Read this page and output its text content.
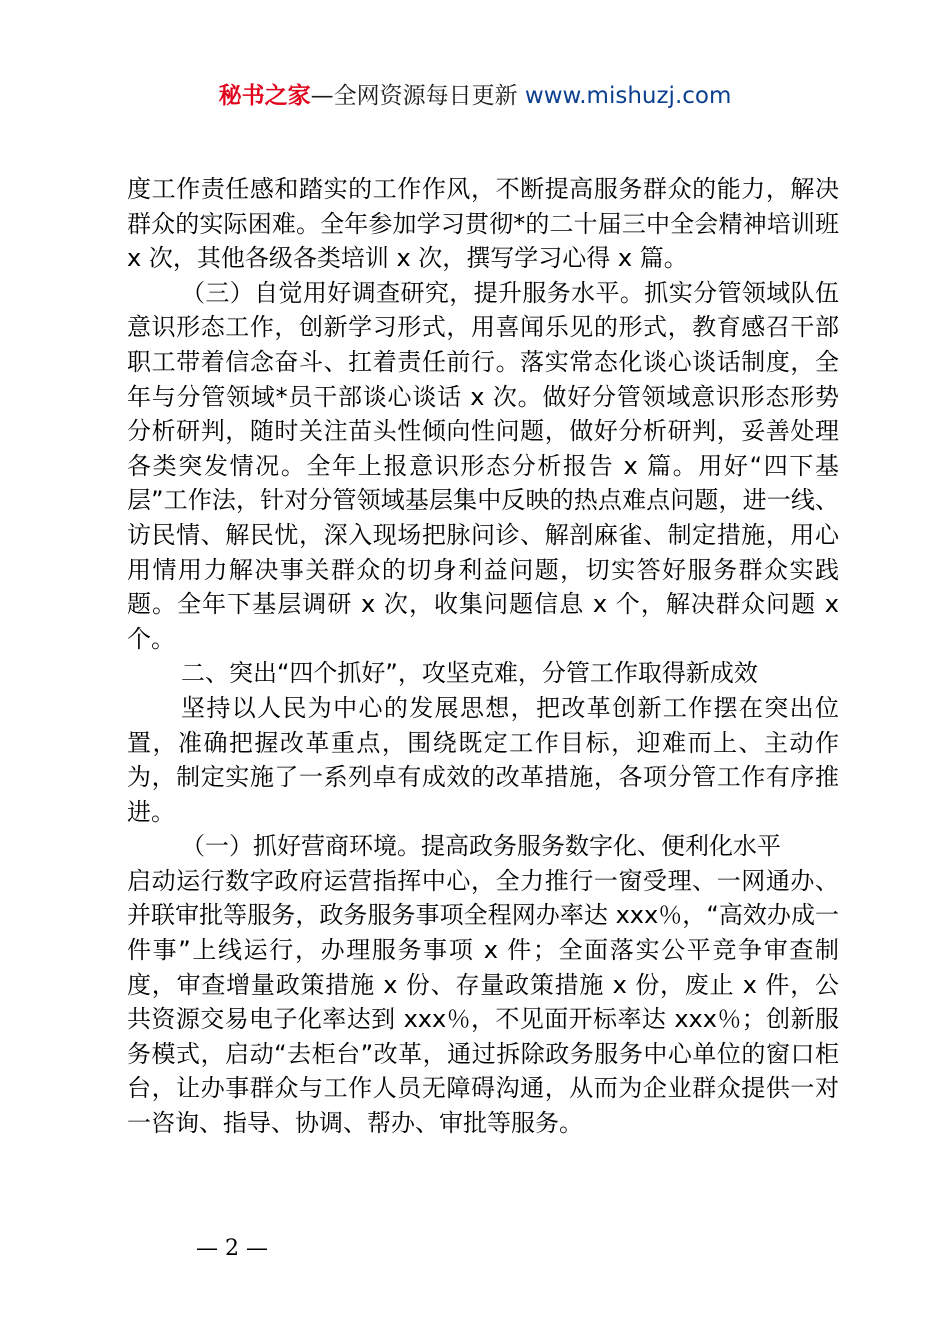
秘书之家—全网资源每日更新 www.mishuzj.com

度工作责任感和踏实的工作作风，不断提高服务群众的能力，解决群众的实际困难。全年参加学习贯彻*的二十届三中全会精神培训班 x 次，其他各级各类培训 x 次，撰写学习心得 x 篇。

（三）自觉用好调查研究，提升服务水平。抓实分管领域队伍意识形态工作，创新学习形式，用喜闻乐见的形式，教育感召干部职工带着信念奋斗、扛着责任前行。落实常态化谈心谈话制度，全年与分管领域*员干部谈心谈话 x 次。做好分管领域意识形态形势分析研判，随时关注苗头性倾向性问题，做好分析研判，妥善处理各类突发情况。全年上报意识形态分析报告 x 篇。用好“四下基层”工作法，针对分管领域基层集中反映的热点难点问题，进一线、访民情、解民忧，深入现场把脉问诊、解剖麻雀、制定措施，用心用情用力解决事关群众的切身利益问题，切实答好服务群众实践题。全年下基层调研 x 次，收集问题信息 x 个，解决群众问题 x 个。

二、突出“四个抓好”，攻坚克难，分管工作取得新成效

坚持以人民为中心的发展思想，把改革创新工作摆在突出位置，准确把握改革重点，围绕既定工作目标，迎难而上、主动作为，制定实施了一系列卓有成效的改革措施，各项分管工作有序推进。

（一）抓好营商环境。提高政务服务数字化、便利化水平

启动运行数字政府运营指挥中心，全力推行一窗受理、一网通办、并联审批等服务，政务服务事项全程网办率达 xxx％，“高效办成一件事”上线运行，办理服务事项 x 件；全面落实公平竞争审查制度，审查增量政策措施 x 份、存量政策措施 x 份，废止 x 件，公共资源交易电子化率达到 xxx％，不见面开标率达 xxx％；创新服务模式，启动“去柜台”改革，通过拆除政务服务中心单位的窗口柜台，让办事群众与工作人员无障碍沟通，从而为企业群众提供一对一咨询、指导、协调、帮办、审批等服务。

— 2 —
